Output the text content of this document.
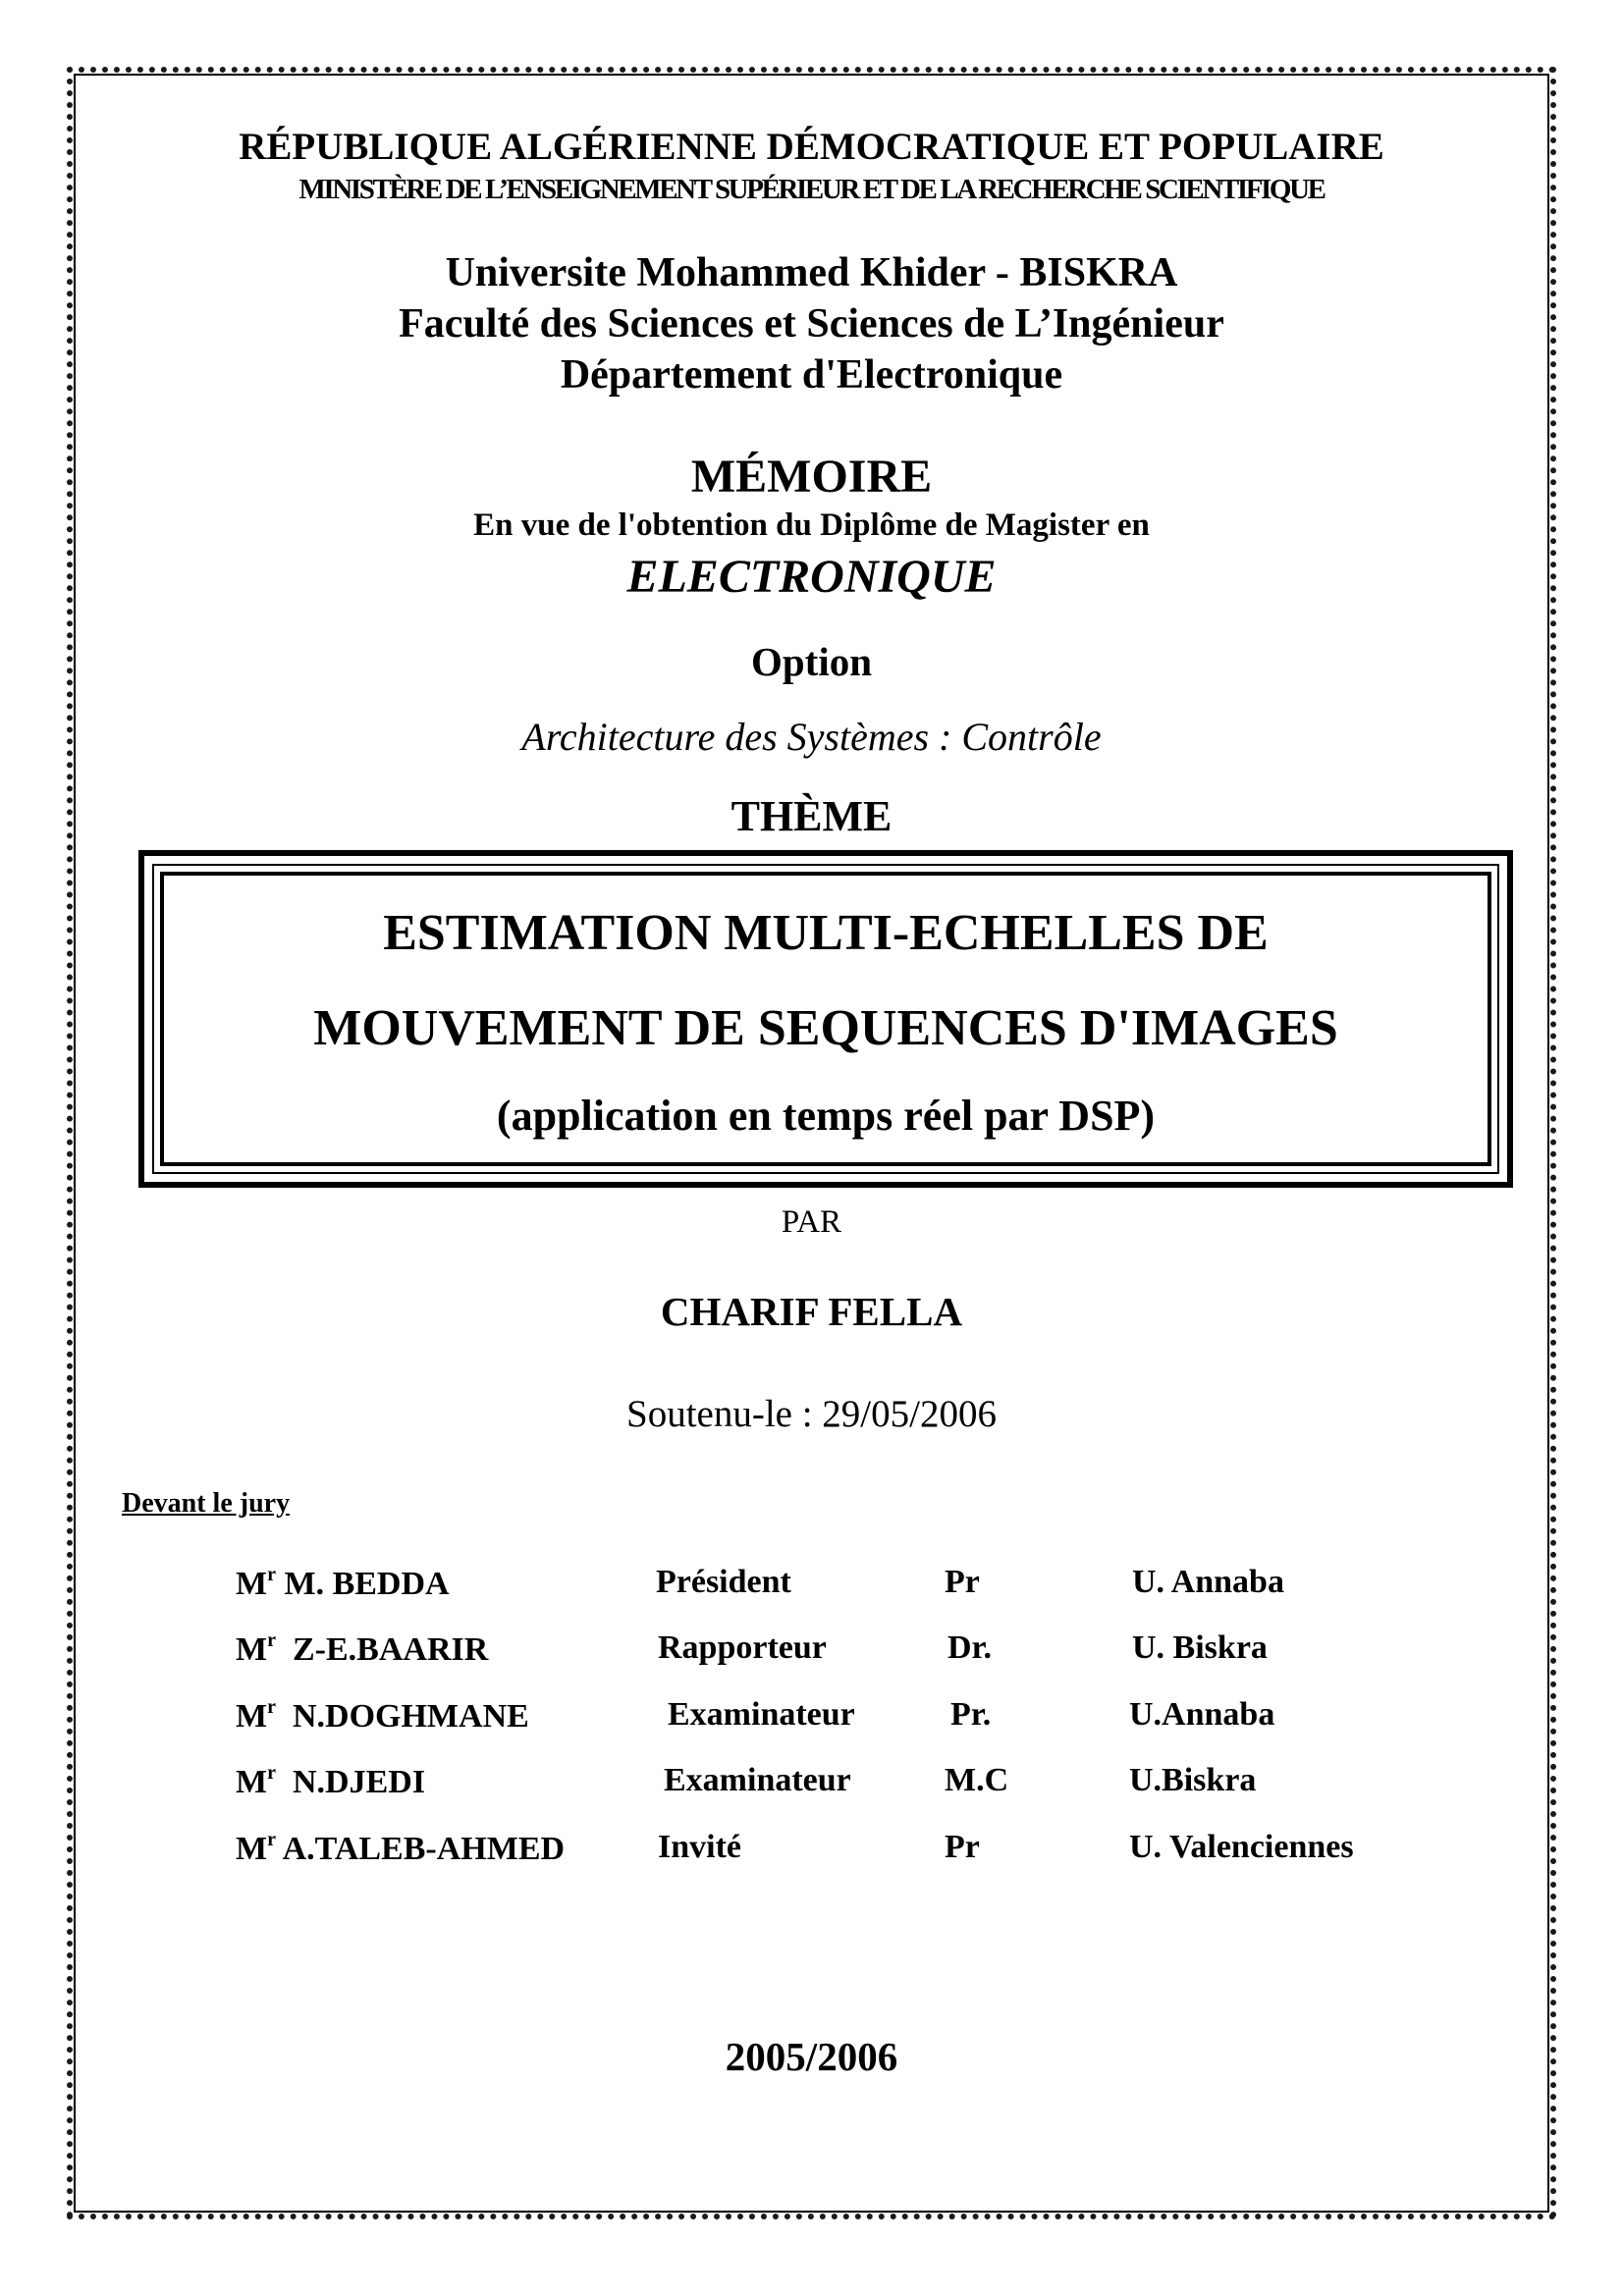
RÉPUBLIQUE ALGÉRIENNE DÉMOCRATIQUE ET POPULAIRE
MINISTÈRE DE L’ENSEIGNEMENT SUPÉRIEUR ET DE LA RECHERCHE SCIENTIFIQUE
Universite Mohammed Khider - BISKRA
Faculté des Sciences et Sciences de L’Ingénieur
Département d'Electronique
MÉMOIRE
En vue de l'obtention du Diplôme de Magister en
ELECTRONIQUE
Option
Architecture des Systèmes : Contrôle
THÈME
ESTIMATION MULTI-ECHELLES DE
MOUVEMENT DE SEQUENCES D'IMAGES
(application en temps réel par DSP)
PAR
CHARIF FELLA
Soutenu-le : 29/05/2006
Devant le jury
$M^r$ M. BEDDA	Président	Pr	U. Annaba
$M^r$ Z-E.BAARIR	Rapporteur	Dr.	U. Biskra
$M^r$ N.DOGHMANE	Examinateur	Pr.	U.Annaba
$M^r$ N.DJEDI	Examinateur	M.C	U.Biskra
$M^r$ A.TALEB-AHMED	Invité	Pr	U. Valenciennes
2005/2006
